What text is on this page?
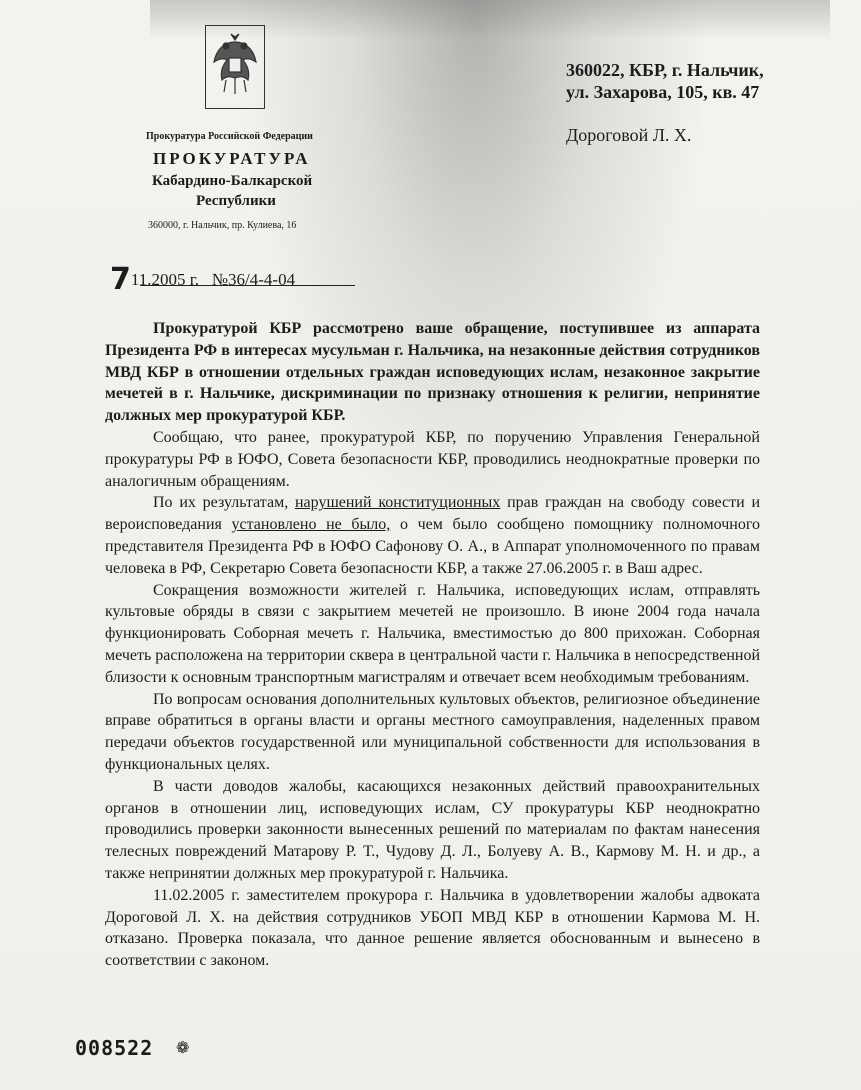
Прокуратура Российской Федерации
ПРОКУРАТУРА
Кабардино-Балкарской
Республики
360000, г. Нальчик, пр. Кулиева, 16
711.2005 г. №36/4-4-04
360022, КБР, г. Нальчик,
ул. Захарова, 105, кв. 47
Дороговой Л. Х.

Прокуратурой КБР рассмотрено ваше обращение, поступившее из аппарата Президента РФ в интересах мусульман г. Нальчика, на незаконные действия сотрудников МВД КБР в отношении отдельных граждан исповедующих ислам, незаконное закрытие мечетей в г. Нальчике, дискриминации по признаку отношения к религии, непринятие должных мер прокуратурой КБР.

Сообщаю, что ранее, прокуратурой КБР, по поручению Управления Генеральной прокуратуры РФ в ЮФО, Совета безопасности КБР, проводились неоднократные проверки по аналогичным обращениям.

По их результатам, нарушений конституционных прав граждан на свободу совести и вероисповедания установлено не было, о чем было сообщено помощнику полномочного представителя Президента РФ в ЮФО Сафонову О. А., в Аппарат уполномоченного по правам человека в РФ, Секретарю Совета безопасности КБР, а также 27.06.2005 г. в Ваш адрес.

Сокращения возможности жителей г. Нальчика, исповедующих ислам, отправлять культовые обряды в связи с закрытием мечетей не произошло. В июне 2004 года начала функционировать Соборная мечеть г. Нальчика, вместимостью до 800 прихожан. Соборная мечеть расположена на территории сквера в центральной части г. Нальчика в непосредственной близости к основным транспортным магистралям и отвечает всем необходимым требованиям.

По вопросам основания дополнительных культовых объектов, религиозное объединение вправе обратиться в органы власти и органы местного самоуправления, наделенных правом передачи объектов государственной или муниципальной собственности для использования в функциональных целях.

В части доводов жалобы, касающихся незаконных действий правоохранительных органов в отношении лиц, исповедующих ислам, СУ прокуратуры КБР неоднократно проводились проверки законности вынесенных решений по материалам по фактам нанесения телесных повреждений Матарову Р. Т., Чудову Д. Л., Болуеву А. В., Кармову М. Н. и др., а также непринятии должных мер прокуратурой г. Нальчика.

11.02.2005 г. заместителем прокурора г. Нальчика в удовлетворении жалобы адвоката Дороговой Л. Х. на действия сотрудников УБОП МВД КБР в отношении Кармова М. Н. отказано. Проверка показала, что данное решение является обоснованным и вынесено в соответствии с законом.

008522 ❁
